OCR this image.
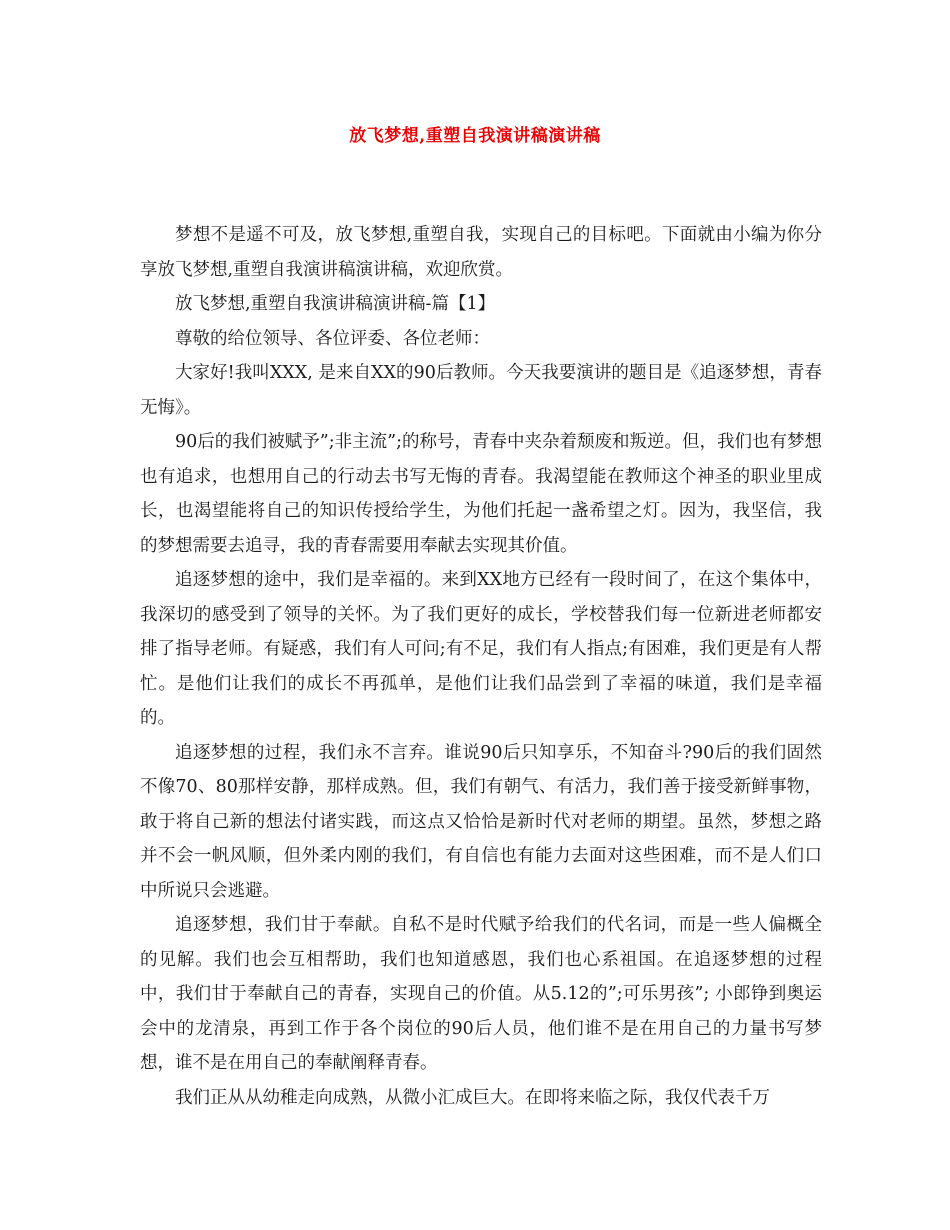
放飞梦想,重塑自我演讲稿演讲稿

梦想不是遥不可及，放飞梦想,重塑自我，实现自己的目标吧。下面就由小编为你分享放飞梦想,重塑自我演讲稿演讲稿，欢迎欣赏。

放飞梦想,重塑自我演讲稿演讲稿-篇【1】

尊敬的给位领导、各位评委、各位老师：

大家好!我叫XXX, 是来自XX的90后教师。今天我要演讲的题目是《追逐梦想，青春无悔》。

90后的我们被赋予”;非主流”;的称号，青春中夹杂着颓废和叛逆。但，我们也有梦想也有追求，也想用自己的行动去书写无悔的青春。我渴望能在教师这个神圣的职业里成长，也渴望能将自己的知识传授给学生，为他们托起一盏希望之灯。因为，我坚信，我的梦想需要去追寻，我的青春需要用奉献去实现其价值。

追逐梦想的途中，我们是幸福的。来到XX地方已经有一段时间了，在这个集体中，我深切的感受到了领导的关怀。为了我们更好的成长，学校替我们每一位新进老师都安排了指导老师。有疑惑，我们有人可问;有不足，我们有人指点;有困难，我们更是有人帮忙。是他们让我们的成长不再孤单，是他们让我们品尝到了幸福的味道，我们是幸福的。

追逐梦想的过程，我们永不言弃。谁说90后只知享乐，不知奋斗?90后的我们固然不像70、80那样安静，那样成熟。但，我们有朝气、有活力，我们善于接受新鲜事物，敢于将自己新的想法付诸实践，而这点又恰恰是新时代对老师的期望。虽然，梦想之路并不会一帆风顺，但外柔内刚的我们，有自信也有能力去面对这些困难，而不是人们口中所说只会逃避。

追逐梦想，我们甘于奉献。自私不是时代赋予给我们的代名词，而是一些人偏概全的见解。我们也会互相帮助，我们也知道感恩，我们也心系祖国。在追逐梦想的过程中，我们甘于奉献自己的青春，实现自己的价值。从5.12的”;可乐男孩”; 小郎铮到奥运会中的龙清泉，再到工作于各个岗位的90后人员，他们谁不是在用自己的力量书写梦想，谁不是在用自己的奉献阐释青春。

我们正从从幼稚走向成熟，从微小汇成巨大。在即将来临之际，我仅代表千万
